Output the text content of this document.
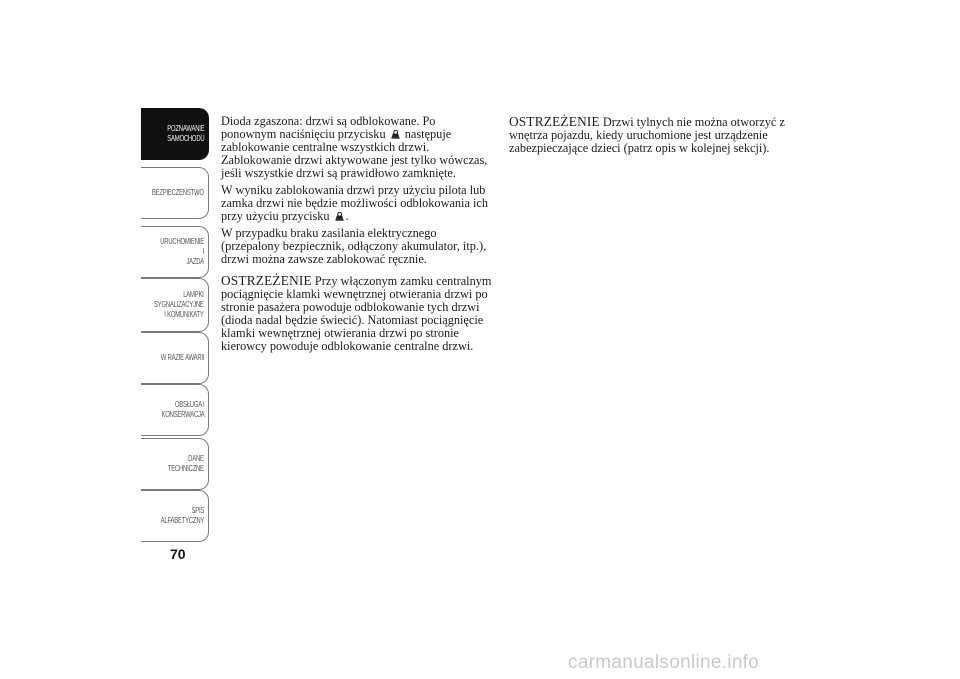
POZNAWANIE
SAMOCHODU
BEZPIECZEŃSTWO
URUCHOMIENIE I
JAZDA
LAMPKI
SYGNALIZACYJNE
I KOMUNIKATY
W RAZIE AWARII
OBSŁUGA I
KONSERWACJA
DANE
TECHNICZNE
SPIS
ALFABETYCZNY
70

Dioda zgaszona: drzwi są odblokowane. Po ponownym naciśnięciu przycisku następuje zablokowanie centralne wszystkich drzwi. Zablokowanie drzwi aktywowane jest tylko wówczas, jeśli wszystkie drzwi są prawidłowo zamknięte.

W wyniku zablokowania drzwi przy użyciu pilota lub zamka drzwi nie będzie możliwości odblokowania ich przy użyciu przycisku .

W przypadku braku zasilania elektrycznego (przepalony bezpiecznik, odłączony akumulator, itp.), drzwi można zawsze zablokować ręcznie.

OSTRZEŻENIE Przy włączonym zamku centralnym pociągnięcie klamki wewnętrznej otwierania drzwi po stronie pasażera powoduje odblokowanie tych drzwi (dioda nadal będzie świecić). Natomiast pociągnięcie klamki wewnętrznej otwierania drzwi po stronie kierowcy powoduje odblokowanie centralne drzwi.

OSTRZEŻENIE Drzwi tylnych nie można otworzyć z wnętrza pojazdu, kiedy uruchomione jest urządzenie zabezpieczające dzieci (patrz opis w kolejnej sekcji).

carmanualsonline.info
